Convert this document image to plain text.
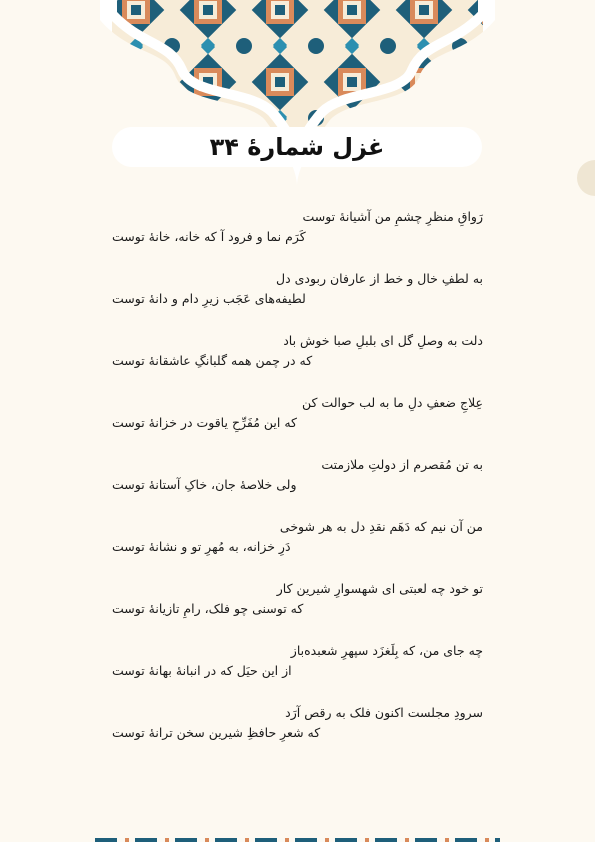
غزل شمارهٔ ۳۴
رَواقِ منظرِ چشمِ من آشیانهٔ توست
کَرَم نما و فرود آ که خانه، خانهٔ توست
به لطفِ خال و خط از عارفان ربودی دل
لطیفه‌های عَجَب زیرِ دام و دانهٔ توست
دلت به وصلِ گل ای بلبلِ صبا خوش باد
که در چمن همه گلبانگِ عاشقانهٔ توست
عِلاجِ ضعفِ دلِ ما به لب حوالت کن
که این مُفَرِّحِ یاقوت در خزانهٔ توست
به تن مُقصرم از دولتِ ملازمتت
ولی خلاصهٔ جان، خاکِ آستانهٔ توست
من آن نیم که دَهَم نقدِ دل به هر شوخی
دَرِ خزانه، به مُهرِ تو و نشانهٔ توست
تو خود چه لعبتی ای شهسوارِ شیرین کار
که توسنی چو فلک، رامِ تازیانهٔ توست
چه جای من، که بِلَغزَد سپهرِ شعبده‌باز
از این حیَل که در انبانهٔ بهانهٔ توست
سرودِ مجلست اکنون فلک به رقص آرَد
که شعرِ حافظِ شیرین سخن ترانهٔ توست
